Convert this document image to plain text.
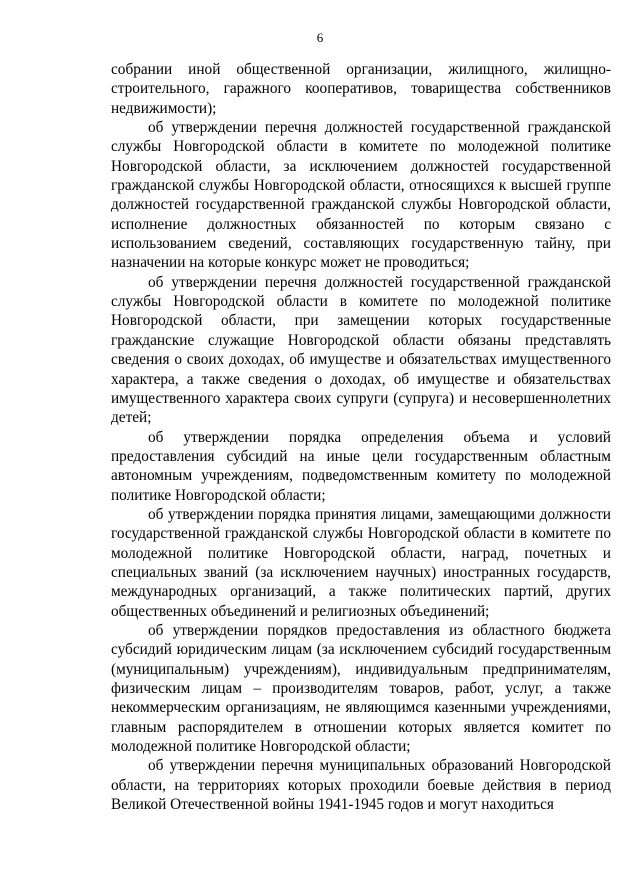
6

собрании иной общественной организации, жилищного, жилищно-строительного, гаражного кооперативов, товарищества собственников недвижимости);

об утверждении перечня должностей государственной гражданской службы Новгородской области в комитете по молодежной политике Новгородской области, за исключением должностей государственной гражданской службы Новгородской области, относящихся к высшей группе должностей государственной гражданской службы Новгородской области, исполнение должностных обязанностей по которым связано с использованием сведений, составляющих государственную тайну, при назначении на которые конкурс может не проводиться;

об утверждении перечня должностей государственной гражданской службы Новгородской области в комитете по молодежной политике Новгородской области, при замещении которых государственные гражданские служащие Новгородской области обязаны представлять сведения о своих доходах, об имуществе и обязательствах имущественного характера, а также сведения о доходах, об имуществе и обязательствах имущественного характера своих супруги (супруга) и несовершеннолетних детей;

об утверждении порядка определения объема и условий предоставления субсидий на иные цели государственным областным автономным учреждениям, подведомственным комитету по молодежной политике Новгородской области;

об утверждении порядка принятия лицами, замещающими должности государственной гражданской службы Новгородской области в комитете по молодежной политике Новгородской области, наград, почетных и специальных званий (за исключением научных) иностранных государств, международных организаций, а также политических партий, других общественных объединений и религиозных объединений;

об утверждении порядков предоставления из областного бюджета субсидий юридическим лицам (за исключением субсидий государственным (муниципальным) учреждениям), индивидуальным предпринимателям, физическим лицам – производителям товаров, работ, услуг, а также некоммерческим организациям, не являющимся казенными учреждениями, главным распорядителем в отношении которых является комитет по молодежной политике Новгородской области;

об утверждении перечня муниципальных образований Новгородской области, на территориях которых проходили боевые действия в период Великой Отечественной войны 1941-1945 годов и могут находиться
